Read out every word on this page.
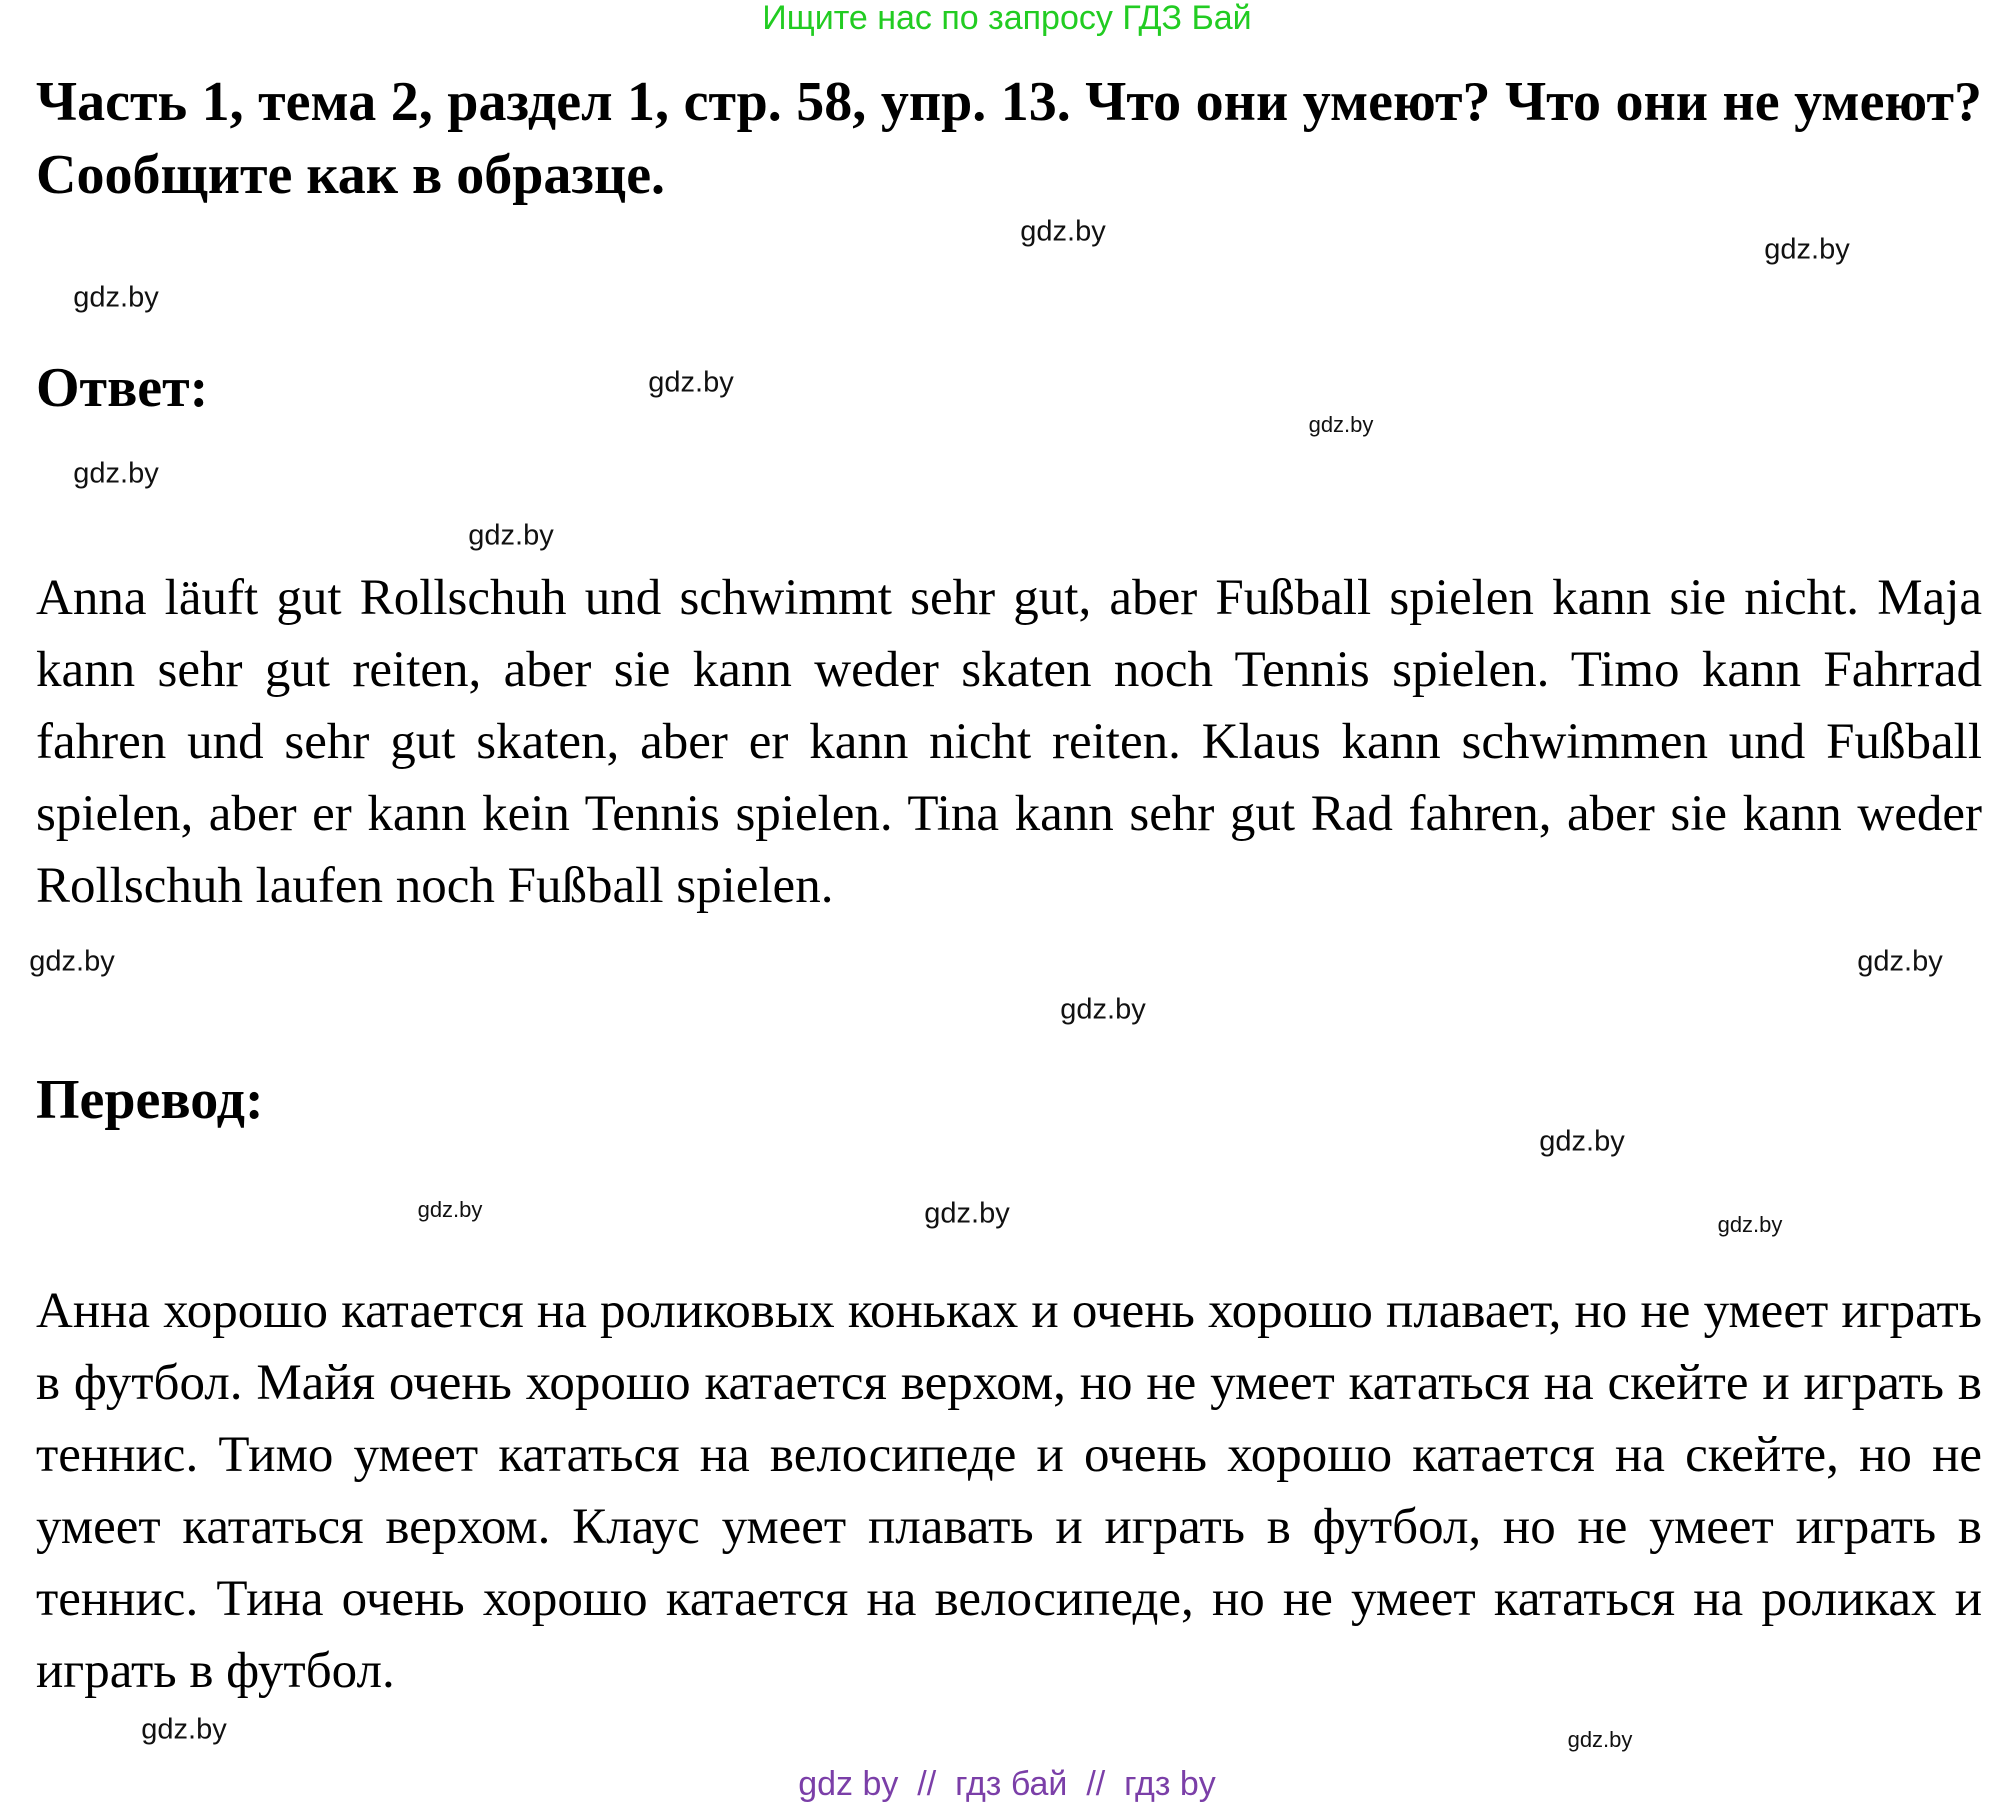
Ищите нас по запросу ГДЗ Бай
Часть 1, тема 2, раздел 1, стр. 58, упр. 13. Что они умеют? Что они не умеют? Сообщите как в образце.
Ответ:
Anna läuft gut Rollschuh und schwimmt sehr gut, aber Fußball spielen kann sie nicht. Maja kann sehr gut reiten, aber sie kann weder skaten noch Tennis spielen. Timo kann Fahrrad fahren und sehr gut skaten, aber er kann nicht reiten. Klaus kann schwimmen und Fußball spielen, aber er kann kein Tennis spielen. Tina kann sehr gut Rad fahren, aber sie kann weder Rollschuh laufen noch Fußball spielen.
Перевод:
Анна хорошо катается на роликовых коньках и очень хорошо плавает, но не умеет играть в футбол. Майя очень хорошо катается верхом, но не умеет кататься на скейте и играть в теннис. Тимо умеет кататься на велосипеде и очень хорошо катается на скейте, но не умеет кататься верхом. Клаус умеет плавать и играть в футбол, но не умеет играть в теннис. Тина очень хорошо катается на велосипеде, но не умеет кататься на роликах и играть в футбол.
gdz.by
gdz.by
gdz.by
gdz.by
gdz.by
gdz.by
gdz.by
gdz.by
gdz.by
gdz.by
gdz.by
gdz.by	gdz.by
gdz.by
gdz.by
gdz.by
gdz by  //  гдз бай  //  гдз by
